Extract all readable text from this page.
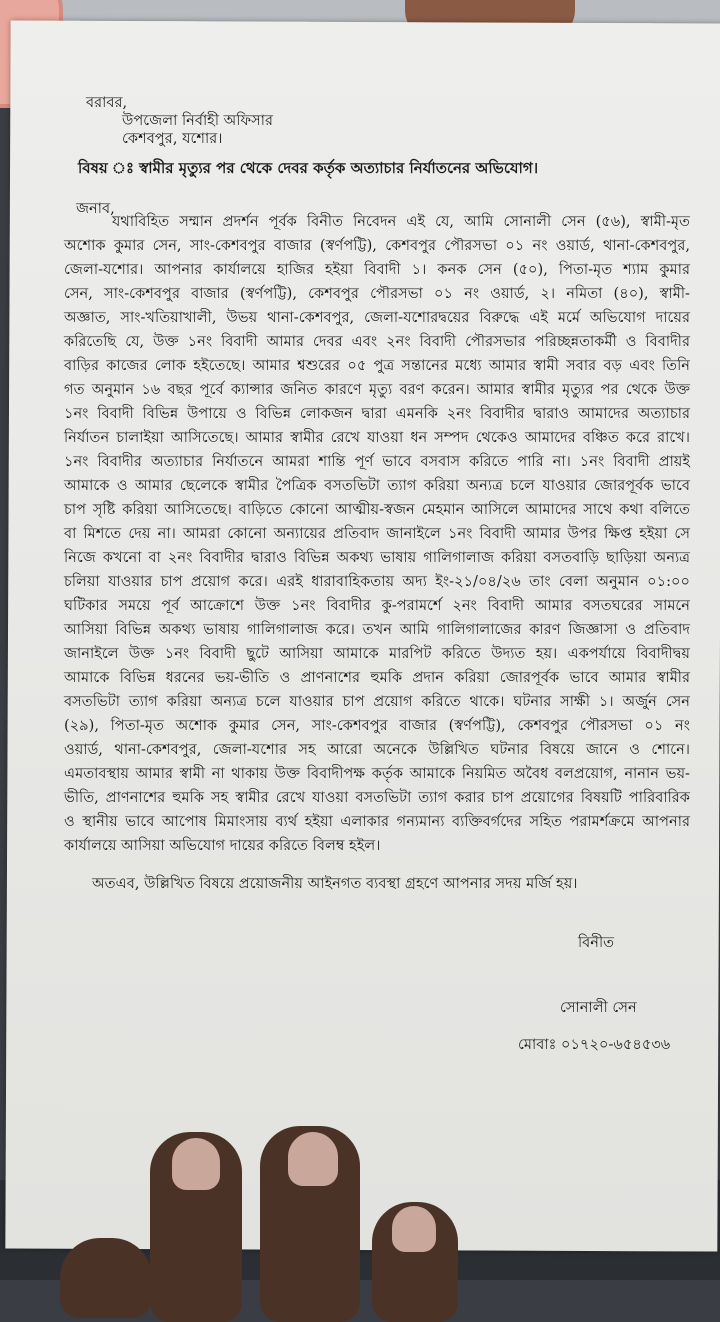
বরাবর,
উপজেলা নির্বাহী অফিসার
কেশবপুর, যশোর।
বিষয় ঃ স্বামীর মৃত্যুর পর থেকে দেবর কর্তৃক অত্যাচার নির্যাতনের অভিযোগ।
জনাব,
যথাবিহিত সম্মান প্রদর্শন পূর্বক বিনীত নিবেদন এই যে, আমি সোনালী সেন (৫৬), স্বামী-মৃত
অশোক কুমার সেন, সাং-কেশবপুর বাজার (স্বর্ণপট্টি), কেশবপুর পৌরসভা ০১ নং ওয়ার্ড, থানা-কেশবপুর,
জেলা-যশোর। আপনার কার্যালয়ে হাজির হইয়া বিবাদী ১। কনক সেন (৫০), পিতা-মৃত শ্যাম কুমার
সেন, সাং-কেশবপুর বাজার (স্বর্ণপট্টি), কেশবপুর পৌরসভা ০১ নং ওয়ার্ড, ২। নমিতা (৪০), স্বামী-
অজ্ঞাত, সাং-খতিয়াখালী, উভয় থানা-কেশবপুর, জেলা-যশোরদ্বয়ের বিরুদ্ধে এই মর্মে অভিযোগ দায়ের
করিতেছি যে, উক্ত ১নং বিবাদী আমার দেবর এবং ২নং বিবাদী পৌরসভার পরিচ্ছন্নতাকর্মী ও বিবাদীর
বাড়ির কাজের লোক হইতেছে। আমার শ্বশুরের ০৫ পুত্র সন্তানের মধ্যে আমার স্বামী সবার বড় এবং তিনি
গত অনুমান ১৬ বছর পূর্বে ক্যান্সার জনিত কারণে মৃত্যু বরণ করেন। আমার স্বামীর মৃত্যুর পর থেকে উক্ত
১নং বিবাদী বিভিন্ন উপায়ে ও বিভিন্ন লোকজন দ্বারা এমনকি ২নং বিবাদীর দ্বারাও আমাদের অত্যাচার
নির্যাতন চালাইয়া আসিতেছে। আমার স্বামীর রেখে যাওয়া ধন সম্পদ থেকেও আমাদের বঞ্চিত করে রাখে।
১নং বিবাদীর অত্যাচার নির্যাতনে আমরা শান্তি পূর্ণ ভাবে বসবাস করিতে পারি না। ১নং বিবাদী প্রায়ই
আমাকে ও আমার ছেলেকে স্বামীর পৈত্রিক বসতভিটা ত্যাগ করিয়া অন্যত্র চলে যাওয়ার জোরপূর্বক ভাবে
চাপ সৃষ্টি করিয়া আসিতেছে। বাড়িতে কোনো আত্মীয়-স্বজন মেহমান আসিলে আমাদের সাথে কথা বলিতে
বা মিশতে দেয় না। আমরা কোনো অন্যায়ের প্রতিবাদ জানাইলে ১নং বিবাদী আমার উপর ক্ষিপ্ত হইয়া সে
নিজে কখনো বা ২নং বিবাদীর দ্বারাও বিভিন্ন অকথ্য ভাষায় গালিগালাজ করিয়া বসতবাড়ি ছাড়িয়া অন্যত্র
চলিয়া যাওয়ার চাপ প্রয়োগ করে। এরই ধারাবাহিকতায় অদ্য ইং-২১/০৪/২৬ তাং বেলা অনুমান ০১:০০
ঘটিকার সময়ে পূর্ব আক্রোশে উক্ত ১নং বিবাদীর কু-পরামর্শে ২নং বিবাদী আমার বসতঘরের সামনে
আসিয়া বিভিন্ন অকথ্য ভাষায় গালিগালাজ করে। তখন আমি গালিগালাজের কারণ জিজ্ঞাসা ও প্রতিবাদ
জানাইলে উক্ত ১নং বিবাদী ছুটে আসিয়া আমাকে মারপিট করিতে উদ্যত হয়। একপর্যায়ে বিবাদীদ্বয়
আমাকে বিভিন্ন ধরনের ভয়-ভীতি ও প্রাণনাশের হুমকি প্রদান করিয়া জোরপূর্বক ভাবে আমার স্বামীর
বসতভিটা ত্যাগ করিয়া অন্যত্র চলে যাওয়ার চাপ প্রয়োগ করিতে থাকে। ঘটনার সাক্ষী ১। অর্জুন সেন
(২৯), পিতা-মৃত অশোক কুমার সেন, সাং-কেশবপুর বাজার (স্বর্ণপট্টি), কেশবপুর পৌরসভা ০১ নং
ওয়ার্ড, থানা-কেশবপুর, জেলা-যশোর সহ আরো অনেকে উল্লিখিত ঘটনার বিষয়ে জানে ও শোনে।
এমতাবস্থায় আমার স্বামী না থাকায় উক্ত বিবাদীপক্ষ কর্তৃক আমাকে নিয়মিত অবৈধ বলপ্রয়োগ, নানান ভয়-
ভীতি, প্রাণনাশের হুমকি সহ স্বামীর রেখে যাওয়া বসতভিটা ত্যাগ করার চাপ প্রয়োগের বিষয়টি পারিবারিক
ও স্থানীয় ভাবে আপোষ মিমাংসায় ব্যর্থ হইয়া এলাকার গন্যমান্য ব্যক্তিবর্গদের সহিত পরামর্শক্রমে আপনার
কার্যালয়ে আসিয়া অভিযোগ দায়ের করিতে বিলম্ব হইল।
অতএব, উল্লিখিত বিষয়ে প্রয়োজনীয় আইনগত ব্যবস্থা গ্রহণে আপনার সদয় মর্জি হয়।
বিনীত
সোনালী সেন
মোবাঃ ০১৭২০-৬৫৪৫৩৬
